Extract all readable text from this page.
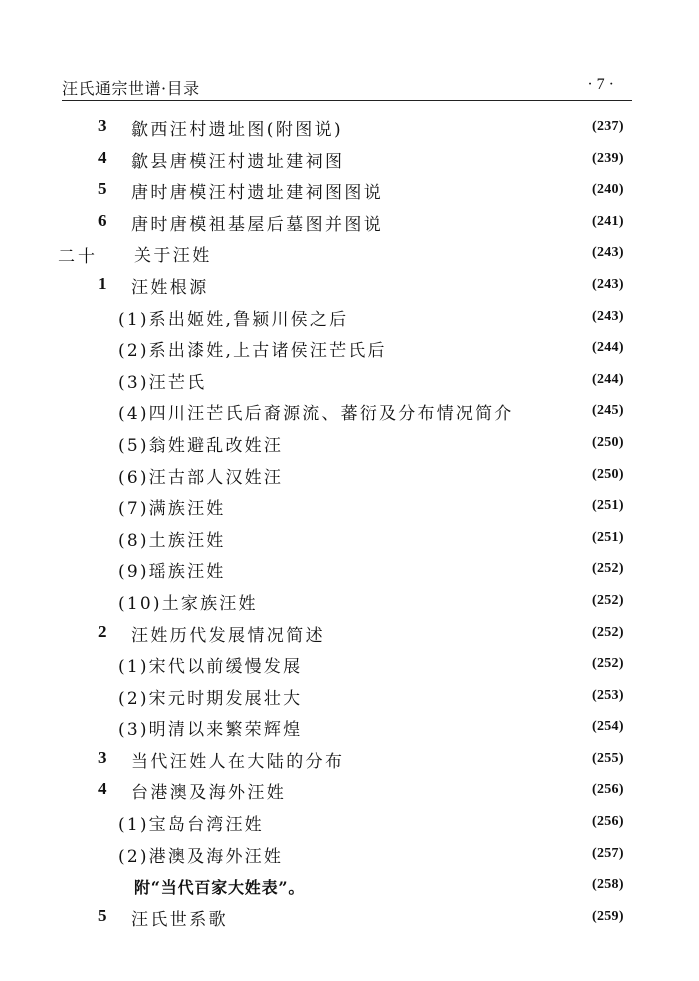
汪氏通宗世谱·目录	· 7 ·
3 歙西汪村遗址图(附图说)	(237)
4 歙县唐模汪村遗址建祠图	(239)
5 唐时唐模汪村遗址建祠图图说	(240)
6 唐时唐模祖基屋后墓图并图说	(241)
二十 关于汪姓	(243)
1 汪姓根源	(243)
(1)系出姬姓,鲁颍川侯之后	(243)
(2)系出漆姓,上古诸侯汪芒氏后	(244)
(3)汪芒氏	(244)
(4)四川汪芒氏后裔源流、蕃衍及分布情况简介	(245)
(5)翁姓避乱改姓汪	(250)
(6)汪古部人汉姓汪	(250)
(7)满族汪姓	(251)
(8)土族汪姓	(251)
(9)瑶族汪姓	(252)
(10)土家族汪姓	(252)
2 汪姓历代发展情况简述	(252)
(1)宋代以前缓慢发展	(252)
(2)宋元时期发展壮大	(253)
(3)明清以来繁荣辉煌	(254)
3 当代汪姓人在大陆的分布	(255)
4 台港澳及海外汪姓	(256)
(1)宝岛台湾汪姓	(256)
(2)港澳及海外汪姓	(257)
附“当代百家大姓表”。	(258)
5 汪氏世系歌	(259)
